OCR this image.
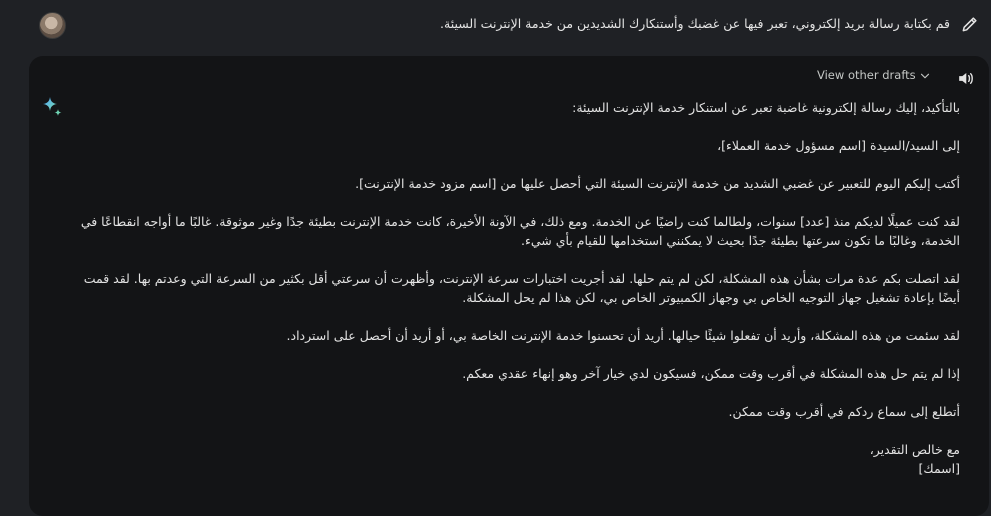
قم بكتابة رسالة بريد إلكتروني، تعبر فيها عن غضبك وأستنكارك الشديدين من خدمة الإنترنت السيئة.
View other drafts

بالتأكيد، إليك رسالة إلكترونية غاضبة تعبر عن استنكار خدمة الإنترنت السيئة:

إلى السيد/السيدة [اسم مسؤول خدمة العملاء]،

أكتب إليكم اليوم للتعبير عن غضبي الشديد من خدمة الإنترنت السيئة التي أحصل عليها من [اسم مزود خدمة الإنترنت].

لقد كنت عميلًا لديكم منذ [عدد] سنوات، ولطالما كنت راضيًا عن الخدمة. ومع ذلك، في الآونة الأخيرة، كانت خدمة الإنترنت بطيئة جدًا وغير موثوقة. غالبًا ما أواجه انقطاعًا في الخدمة، وغالبًا ما تكون سرعتها بطيئة جدًا بحيث لا يمكنني استخدامها للقيام بأي شيء.

لقد اتصلت بكم عدة مرات بشأن هذه المشكلة، لكن لم يتم حلها. لقد أجريت اختبارات سرعة الإنترنت، وأظهرت أن سرعتي أقل بكثير من السرعة التي وعدتم بها. لقد قمت أيضًا بإعادة تشغيل جهاز التوجيه الخاص بي وجهاز الكمبيوتر الخاص بي، لكن هذا لم يحل المشكلة.

لقد سئمت من هذه المشكلة، وأريد أن تفعلوا شيئًا حيالها. أريد أن تحسنوا خدمة الإنترنت الخاصة بي، أو أريد أن أحصل على استرداد.

إذا لم يتم حل هذه المشكلة في أقرب وقت ممكن، فسيكون لدي خيار آخر وهو إنهاء عقدي معكم.

أتطلع إلى سماع ردكم في أقرب وقت ممكن.

مع خالص التقدير،

[اسمك]
